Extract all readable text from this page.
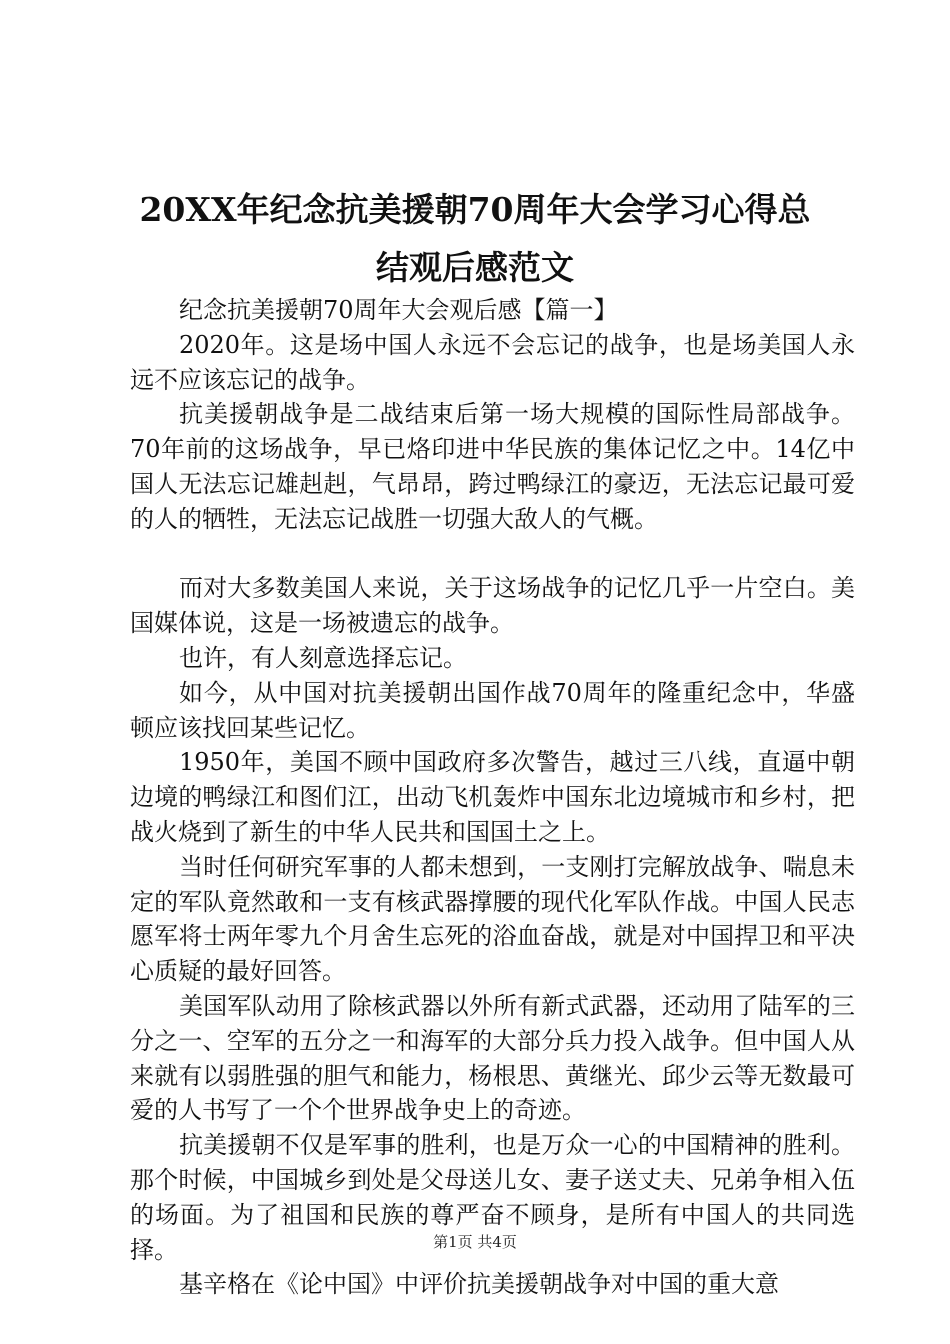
20XX年纪念抗美援朝70周年大会学习心得总
结观后感范文

纪念抗美援朝70周年大会观后感【篇一】

2020年。这是场中国人永远不会忘记的战争，也是场美国人永远不应该忘记的战争。

抗美援朝战争是二战结束后第一场大规模的国际性局部战争。70年前的这场战争，早已烙印进中华民族的集体记忆之中。14亿中国人无法忘记雄赳赳，气昂昂，跨过鸭绿江的豪迈，无法忘记最可爱的人的牺牲，无法忘记战胜一切强大敌人的气概。

而对大多数美国人来说，关于这场战争的记忆几乎一片空白。美国媒体说，这是一场被遗忘的战争。

也许，有人刻意选择忘记。

如今，从中国对抗美援朝出国作战70周年的隆重纪念中，华盛顿应该找回某些记忆。

1950年，美国不顾中国政府多次警告，越过三八线，直逼中朝边境的鸭绿江和图们江，出动飞机轰炸中国东北边境城市和乡村，把战火烧到了新生的中华人民共和国国土之上。

当时任何研究军事的人都未想到，一支刚打完解放战争、喘息未定的军队竟然敢和一支有核武器撑腰的现代化军队作战。中国人民志愿军将士两年零九个月舍生忘死的浴血奋战，就是对中国捍卫和平决心质疑的最好回答。

美国军队动用了除核武器以外所有新式武器，还动用了陆军的三分之一、空军的五分之一和海军的大部分兵力投入战争。但中国人从来就有以弱胜强的胆气和能力，杨根思、黄继光、邱少云等无数最可爱的人书写了一个个世界战争史上的奇迹。

抗美援朝不仅是军事的胜利，也是万众一心的中国精神的胜利。那个时候，中国城乡到处是父母送儿女、妻子送丈夫、兄弟争相入伍的场面。为了祖国和民族的尊严奋不顾身，是所有中国人的共同选择。

基辛格在《论中国》中评价抗美援朝战争对中国的重大意

第1页 共4页
